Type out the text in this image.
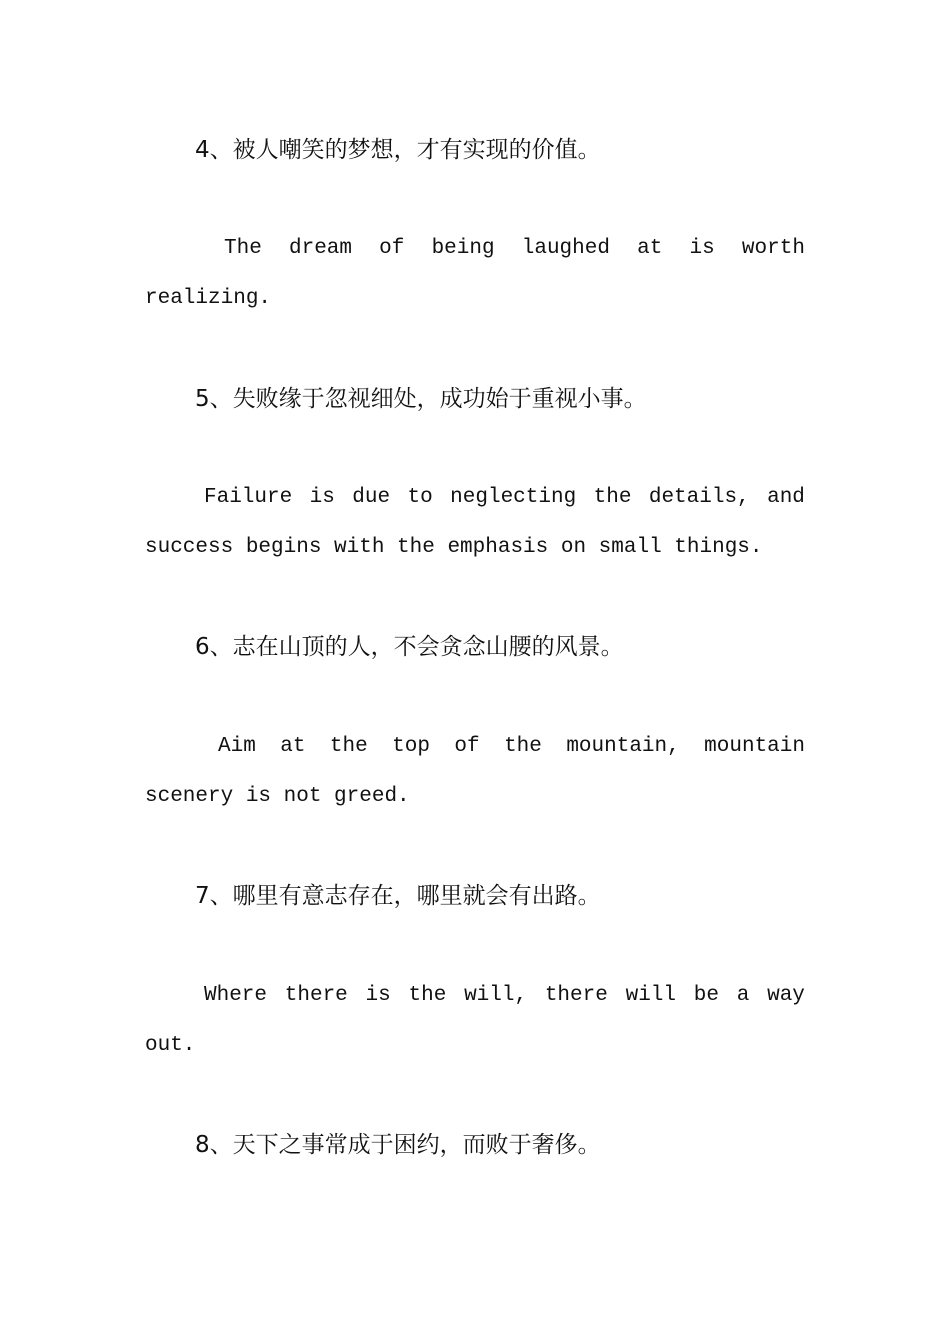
4、被人嘲笑的梦想，才有实现的价值。
The dream of being laughed at is worth
realizing.
5、失败缘于忽视细处，成功始于重视小事。
Failure is due to neglecting the details, and
success begins with the emphasis on small things.
6、志在山顶的人，不会贪念山腰的风景。
Aim at the top of the mountain, mountain
scenery is not greed.
7、哪里有意志存在，哪里就会有出路。
Where there is the will, there will be a way
out.
8、天下之事常成于困约，而败于奢侈。
